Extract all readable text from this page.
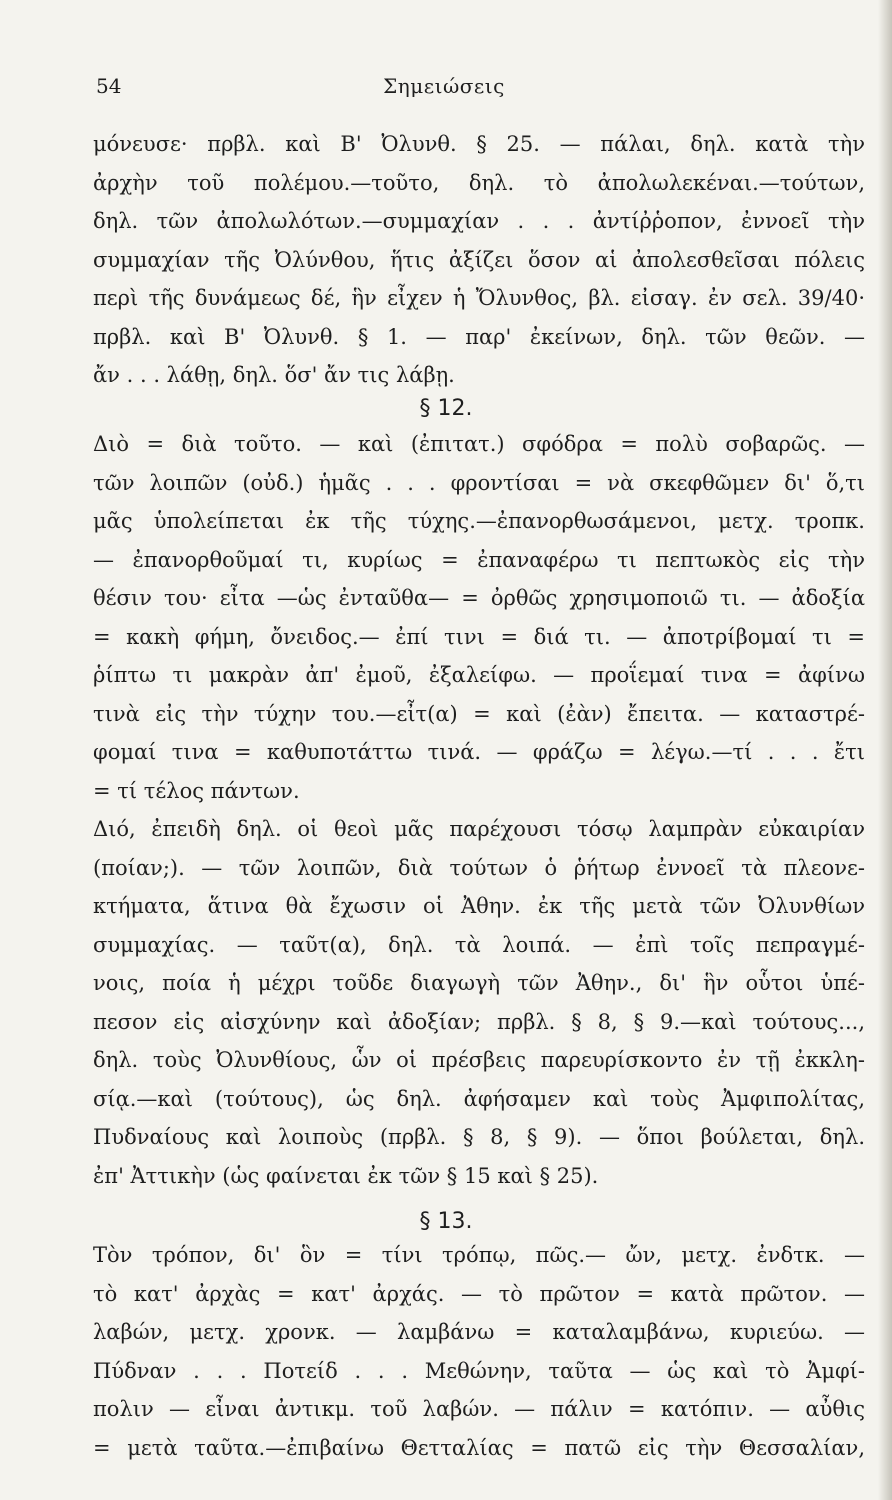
54	Σημειώσεις
μόνευσε· πρβλ. καὶ Β' Ὀλυνθ. § 25. — πάλαι, δηλ. κατὰ τὴν
ἀρχὴν τοῦ πολέμου.—τοῦτο, δηλ. τὸ ἀπολωλεκέναι.—τούτων,
δηλ. τῶν ἀπολωλότων.—συμμαχίαν . . . ἀντίῤῥοπον, ἐννοεῖ τὴν
συμμαχίαν τῆς Ὀλύνθου, ἥτις ἀξίζει ὅσον αἱ ἀπολεσθεῖσαι πόλεις
περὶ τῆς δυνάμεως δέ, ἣν εἶχεν ἡ Ὄλυνθος, βλ. εἰσαγ. ἐν σελ. 39/40·
πρβλ. καὶ Β' Ὀλυνθ. § 1. — παρ' ἐκείνων, δηλ. τῶν θεῶν. —
ἄν . . . λάθῃ, δηλ. ὅσ' ἄν τις λάβῃ.
§ 12.
Διὸ = διὰ τοῦτο. — καὶ (ἐπιτατ.) σφόδρα = πολὺ σοβαρῶς. —
τῶν λοιπῶν (οὐδ.) ἡμᾶς . . . φροντίσαι = νὰ σκεφθῶμεν δι' ὅ,τι
μᾶς ὑπολείπεται ἐκ τῆς τύχης.—ἐπανορθωσάμενοι, μετχ. τροπκ.
— ἐπανορθοῦμαί τι, κυρίως = ἐπαναφέρω τι πεπτωκὸς εἰς τὴν
θέσιν του· εἶτα —ὡς ἐνταῦθα— = ὀρθῶς χρησιμοποιῶ τι. — ἀδοξία
= κακὴ φήμη, ὄνειδος.— ἐπί τινι = διά τι. — ἀποτρίβομαί τι =
ῥίπτω τι μακρὰν ἀπ' ἐμοῦ, ἐξαλείφω. — προΐεμαί τινα = ἀφίνω
τινὰ εἰς τὴν τύχην του.—εἶτ(α) = καὶ (ἐὰν) ἔπειτα. — καταστρέ-
φομαί τινα = καθυποτάττω τινά. — φράζω = λέγω.—τί . . . ἔτι
= τί τέλος πάντων.
Διό, ἐπειδὴ δηλ. οἱ θεοὶ μᾶς παρέχουσι τόσῳ λαμπρὰν εὐκαιρίαν
(ποίαν;). — τῶν λοιπῶν, διὰ τούτων ὁ ῥήτωρ ἐννοεῖ τὰ πλεονε-
κτήματα, ἅτινα θὰ ἔχωσιν οἱ Ἀθην. ἐκ τῆς μετὰ τῶν Ὀλυνθίων
συμμαχίας. — ταῦτ(α), δηλ. τὰ λοιπά. — ἐπὶ τοῖς πεπραγμέ-
νοις, ποία ἡ μέχρι τοῦδε διαγωγὴ τῶν Ἀθην., δι' ἣν οὗτοι ὑπέ-
πεσον εἰς αἰσχύνην καὶ ἀδοξίαν; πρβλ. § 8, § 9.—καὶ τούτους...,
δηλ. τοὺς Ὀλυνθίους, ὧν οἱ πρέσβεις παρευρίσκοντο ἐν τῇ ἐκκλη-
σίᾳ.—καὶ (τούτους), ὡς δηλ. ἀφήσαμεν καὶ τοὺς Ἀμφιπολίτας,
Πυδναίους καὶ λοιποὺς (πρβλ. § 8, § 9). — ὅποι βούλεται, δηλ.
ἐπ' Ἀττικὴν (ὡς φαίνεται ἐκ τῶν § 15 καὶ § 25).
§ 13.
Τὸν τρόπον, δι' ὃν = τίνι τρόπῳ, πῶς.— ὤν, μετχ. ἐνδτκ. —
τὸ κατ' ἀρχὰς = κατ' ἀρχάς. — τὸ πρῶτον = κατὰ πρῶτον. —
λαβών, μετχ. χρονκ. — λαμβάνω = καταλαμβάνω, κυριεύω. —
Πύδναν . . . Ποτείδ . . . Μεθώνην, ταῦτα — ὡς καὶ τὸ Ἀμφί-
πολιν — εἶναι ἀντικμ. τοῦ λαβών. — πάλιν = κατόπιν. — αὖθις
= μετὰ ταῦτα.—ἐπιβαίνω Θετταλίας = πατῶ εἰς τὴν Θεσσαλίαν,
